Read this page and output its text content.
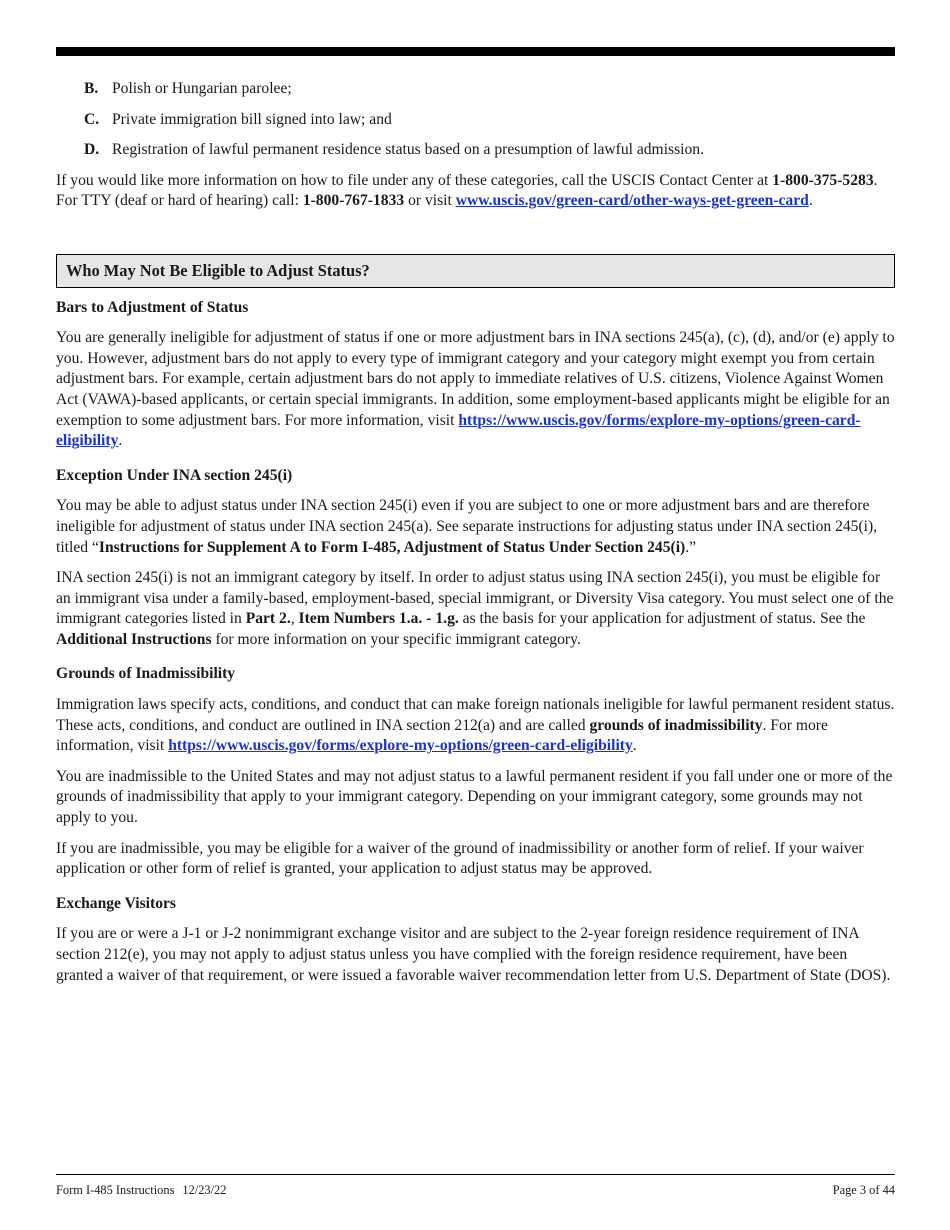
B. Polish or Hungarian parolee;
C. Private immigration bill signed into law; and
D. Registration of lawful permanent residence status based on a presumption of lawful admission.

If you would like more information on how to file under any of these categories, call the USCIS Contact Center at 1-800-375-5283. For TTY (deaf or hard of hearing) call: 1-800-767-1833 or visit www.uscis.gov/green-card/other-ways-get-green-card.

Who May Not Be Eligible to Adjust Status?
Bars to Adjustment of Status

You are generally ineligible for adjustment of status if one or more adjustment bars in INA sections 245(a), (c), (d), and/or (e) apply to you. However, adjustment bars do not apply to every type of immigrant category and your category might exempt you from certain adjustment bars. For example, certain adjustment bars do not apply to immediate relatives of U.S. citizens, Violence Against Women Act (VAWA)-based applicants, or certain special immigrants. In addition, some employment-based applicants might be eligible for an exemption to some adjustment bars. For more information, visit https://www.uscis.gov/forms/explore-my-options/green-card-eligibility.

Exception Under INA section 245(i)

You may be able to adjust status under INA section 245(i) even if you are subject to one or more adjustment bars and are therefore ineligible for adjustment of status under INA section 245(a). See separate instructions for adjusting status under INA section 245(i), titled “Instructions for Supplement A to Form I-485, Adjustment of Status Under Section 245(i).”

INA section 245(i) is not an immigrant category by itself. In order to adjust status using INA section 245(i), you must be eligible for an immigrant visa under a family-based, employment-based, special immigrant, or Diversity Visa category. You must select one of the immigrant categories listed in Part 2., Item Numbers 1.a. - 1.g. as the basis for your application for adjustment of status. See the Additional Instructions for more information on your specific immigrant category.

Grounds of Inadmissibility

Immigration laws specify acts, conditions, and conduct that can make foreign nationals ineligible for lawful permanent resident status. These acts, conditions, and conduct are outlined in INA section 212(a) and are called grounds of inadmissibility. For more information, visit https://www.uscis.gov/forms/explore-my-options/green-card-eligibility.

You are inadmissible to the United States and may not adjust status to a lawful permanent resident if you fall under one or more of the grounds of inadmissibility that apply to your immigrant category. Depending on your immigrant category, some grounds may not apply to you.

If you are inadmissible, you may be eligible for a waiver of the ground of inadmissibility or another form of relief. If your waiver application or other form of relief is granted, your application to adjust status may be approved.

Exchange Visitors

If you are or were a J-1 or J-2 nonimmigrant exchange visitor and are subject to the 2-year foreign residence requirement of INA section 212(e), you may not apply to adjust status unless you have complied with the foreign residence requirement, have been granted a waiver of that requirement, or were issued a favorable waiver recommendation letter from U.S. Department of State (DOS).

Form I-485 Instructions 12/23/22	Page 3 of 44
